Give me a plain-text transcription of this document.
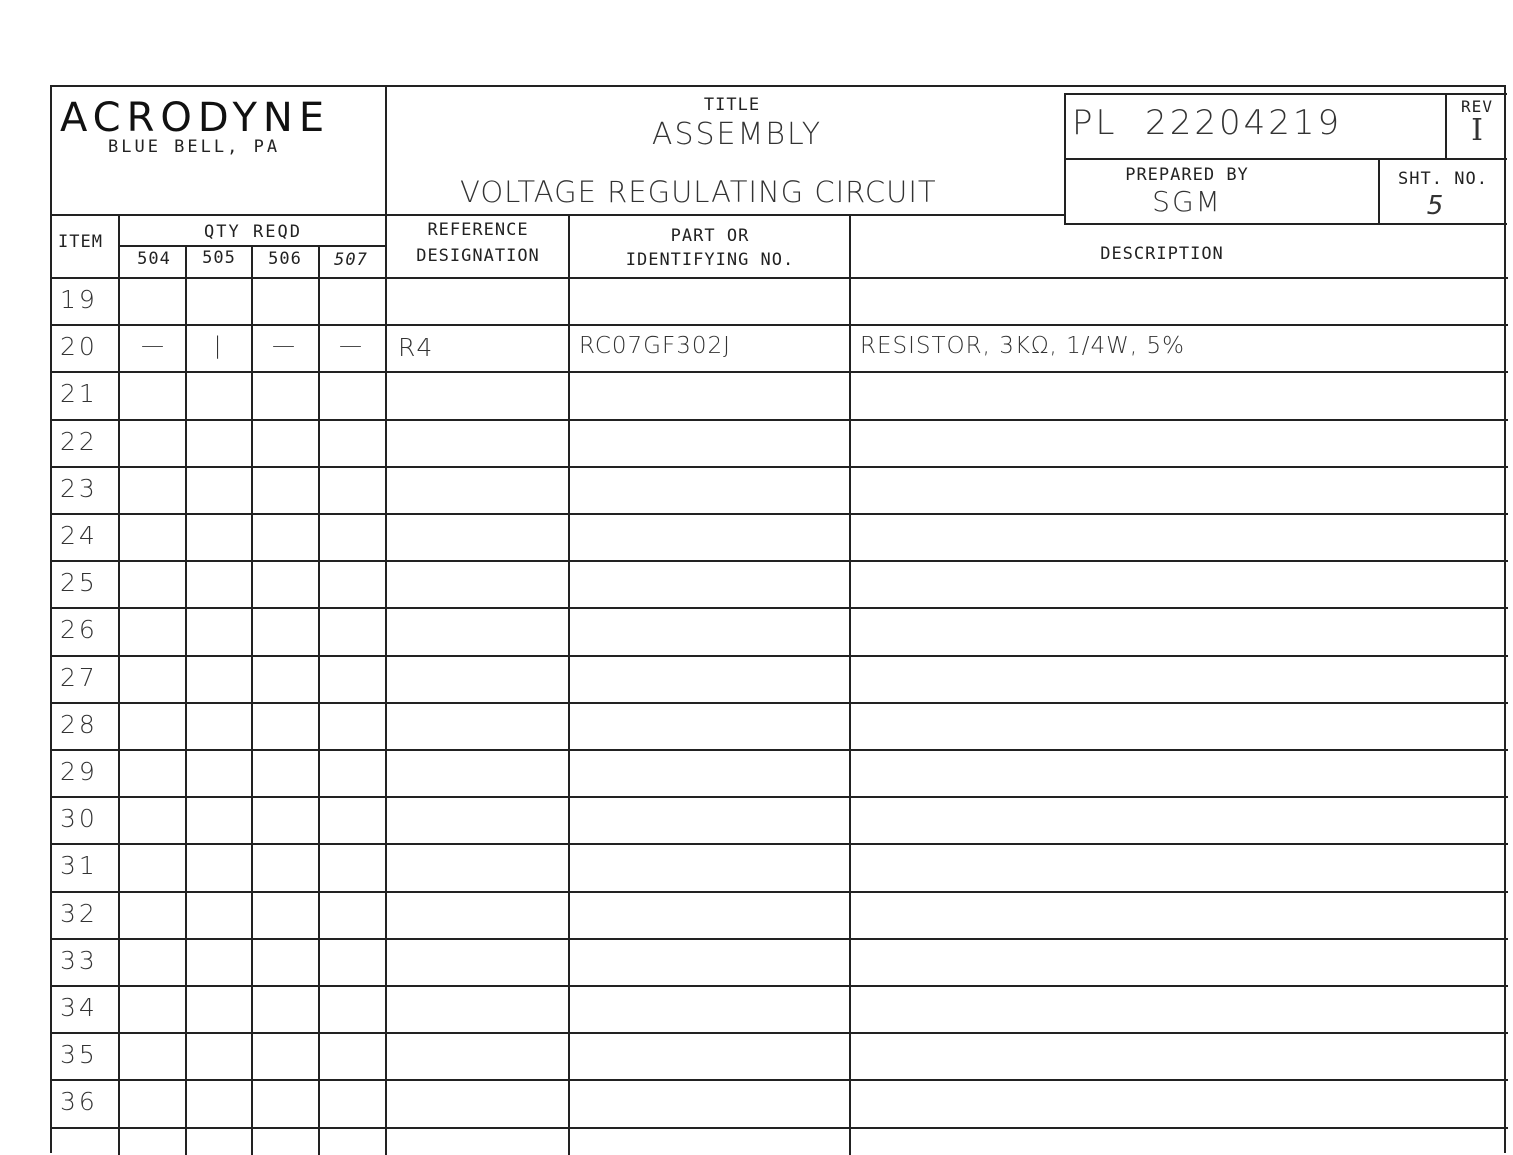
ACRODYNE
BLUE BELL, PA
TITLE
ASSEMBLY
VOLTAGE REGULATING CIRCUIT
PL  22204219	REV
I
PREPARED BY
SGM
SHT. NO.
5
ITEM	QTY REQD
504	505	506	507
REFERENCE
DESIGNATION
PART OR
IDENTIFYING NO.	DESCRIPTION
19
20	—	|	—	—	R4	RC07GF302J	RESISTOR, 3KΩ, 1/4W, 5%
21
22
23
24
25
26
27
28
29
30
31
32
33
34
35
36
